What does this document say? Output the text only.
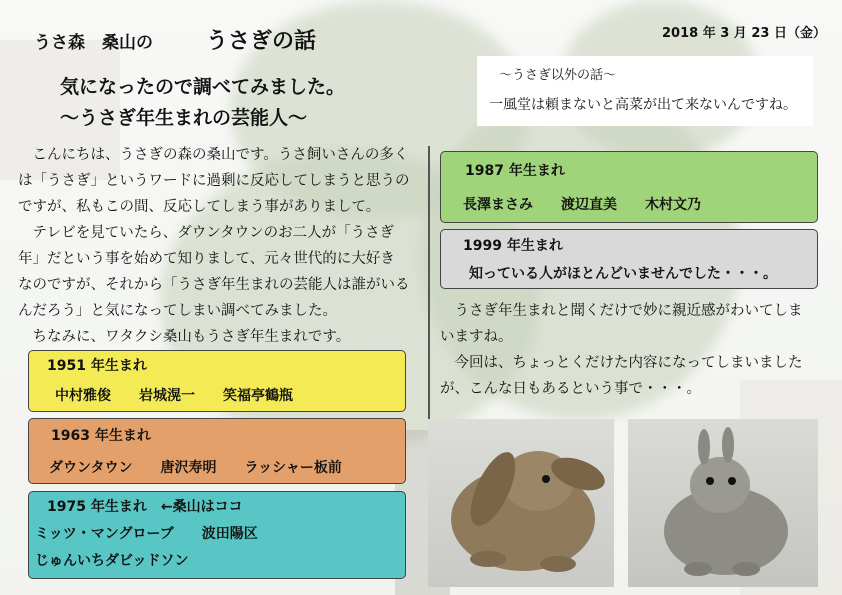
うさ森　桑山の うさぎの話	2018 年 3 月 23 日（金）
気になったので調べてみました。
～うさぎ年生まれの芸能人～
～うさぎ以外の話～
一風堂は頼まないと高菜が出て来ないんですね。
　こんにちは、うさぎの森の桑山です。うさ飼いさんの多く
は「うさぎ」というワードに過剰に反応してしまうと思うの
ですが、私もこの間、反応してしまう事がありまして。
　テレビを見ていたら、ダウンタウンのお二人が「うさぎ
年」だという事を始めて知りまして、元々世代的に大好き
なのですが、それから「うさぎ年生まれの芸能人は誰がいる
んだろう」と気になってしまい調べてみました。
　ちなみに、ワタクシ桑山もうさぎ年生まれです。
1951 年生まれ
中村雅俊　　岩城滉一　　笑福亭鶴瓶
1963 年生まれ
ダウンタウン　　唐沢寿明　　ラッシャー板前
1975 年生まれ　←桑山はココ
ミッツ・マングローブ　　波田陽区
じゅんいちダビッドソン
1987 年生まれ
長澤まさみ　　渡辺直美　　木村文乃
1999 年生まれ
知っている人がほとんどいませんでした・・・。
　うさぎ年生まれと聞くだけで妙に親近感がわいてしま
いますね。
　今回は、ちょっとくだけた内容になってしまいました
が、こんな日もあるという事で・・・。
